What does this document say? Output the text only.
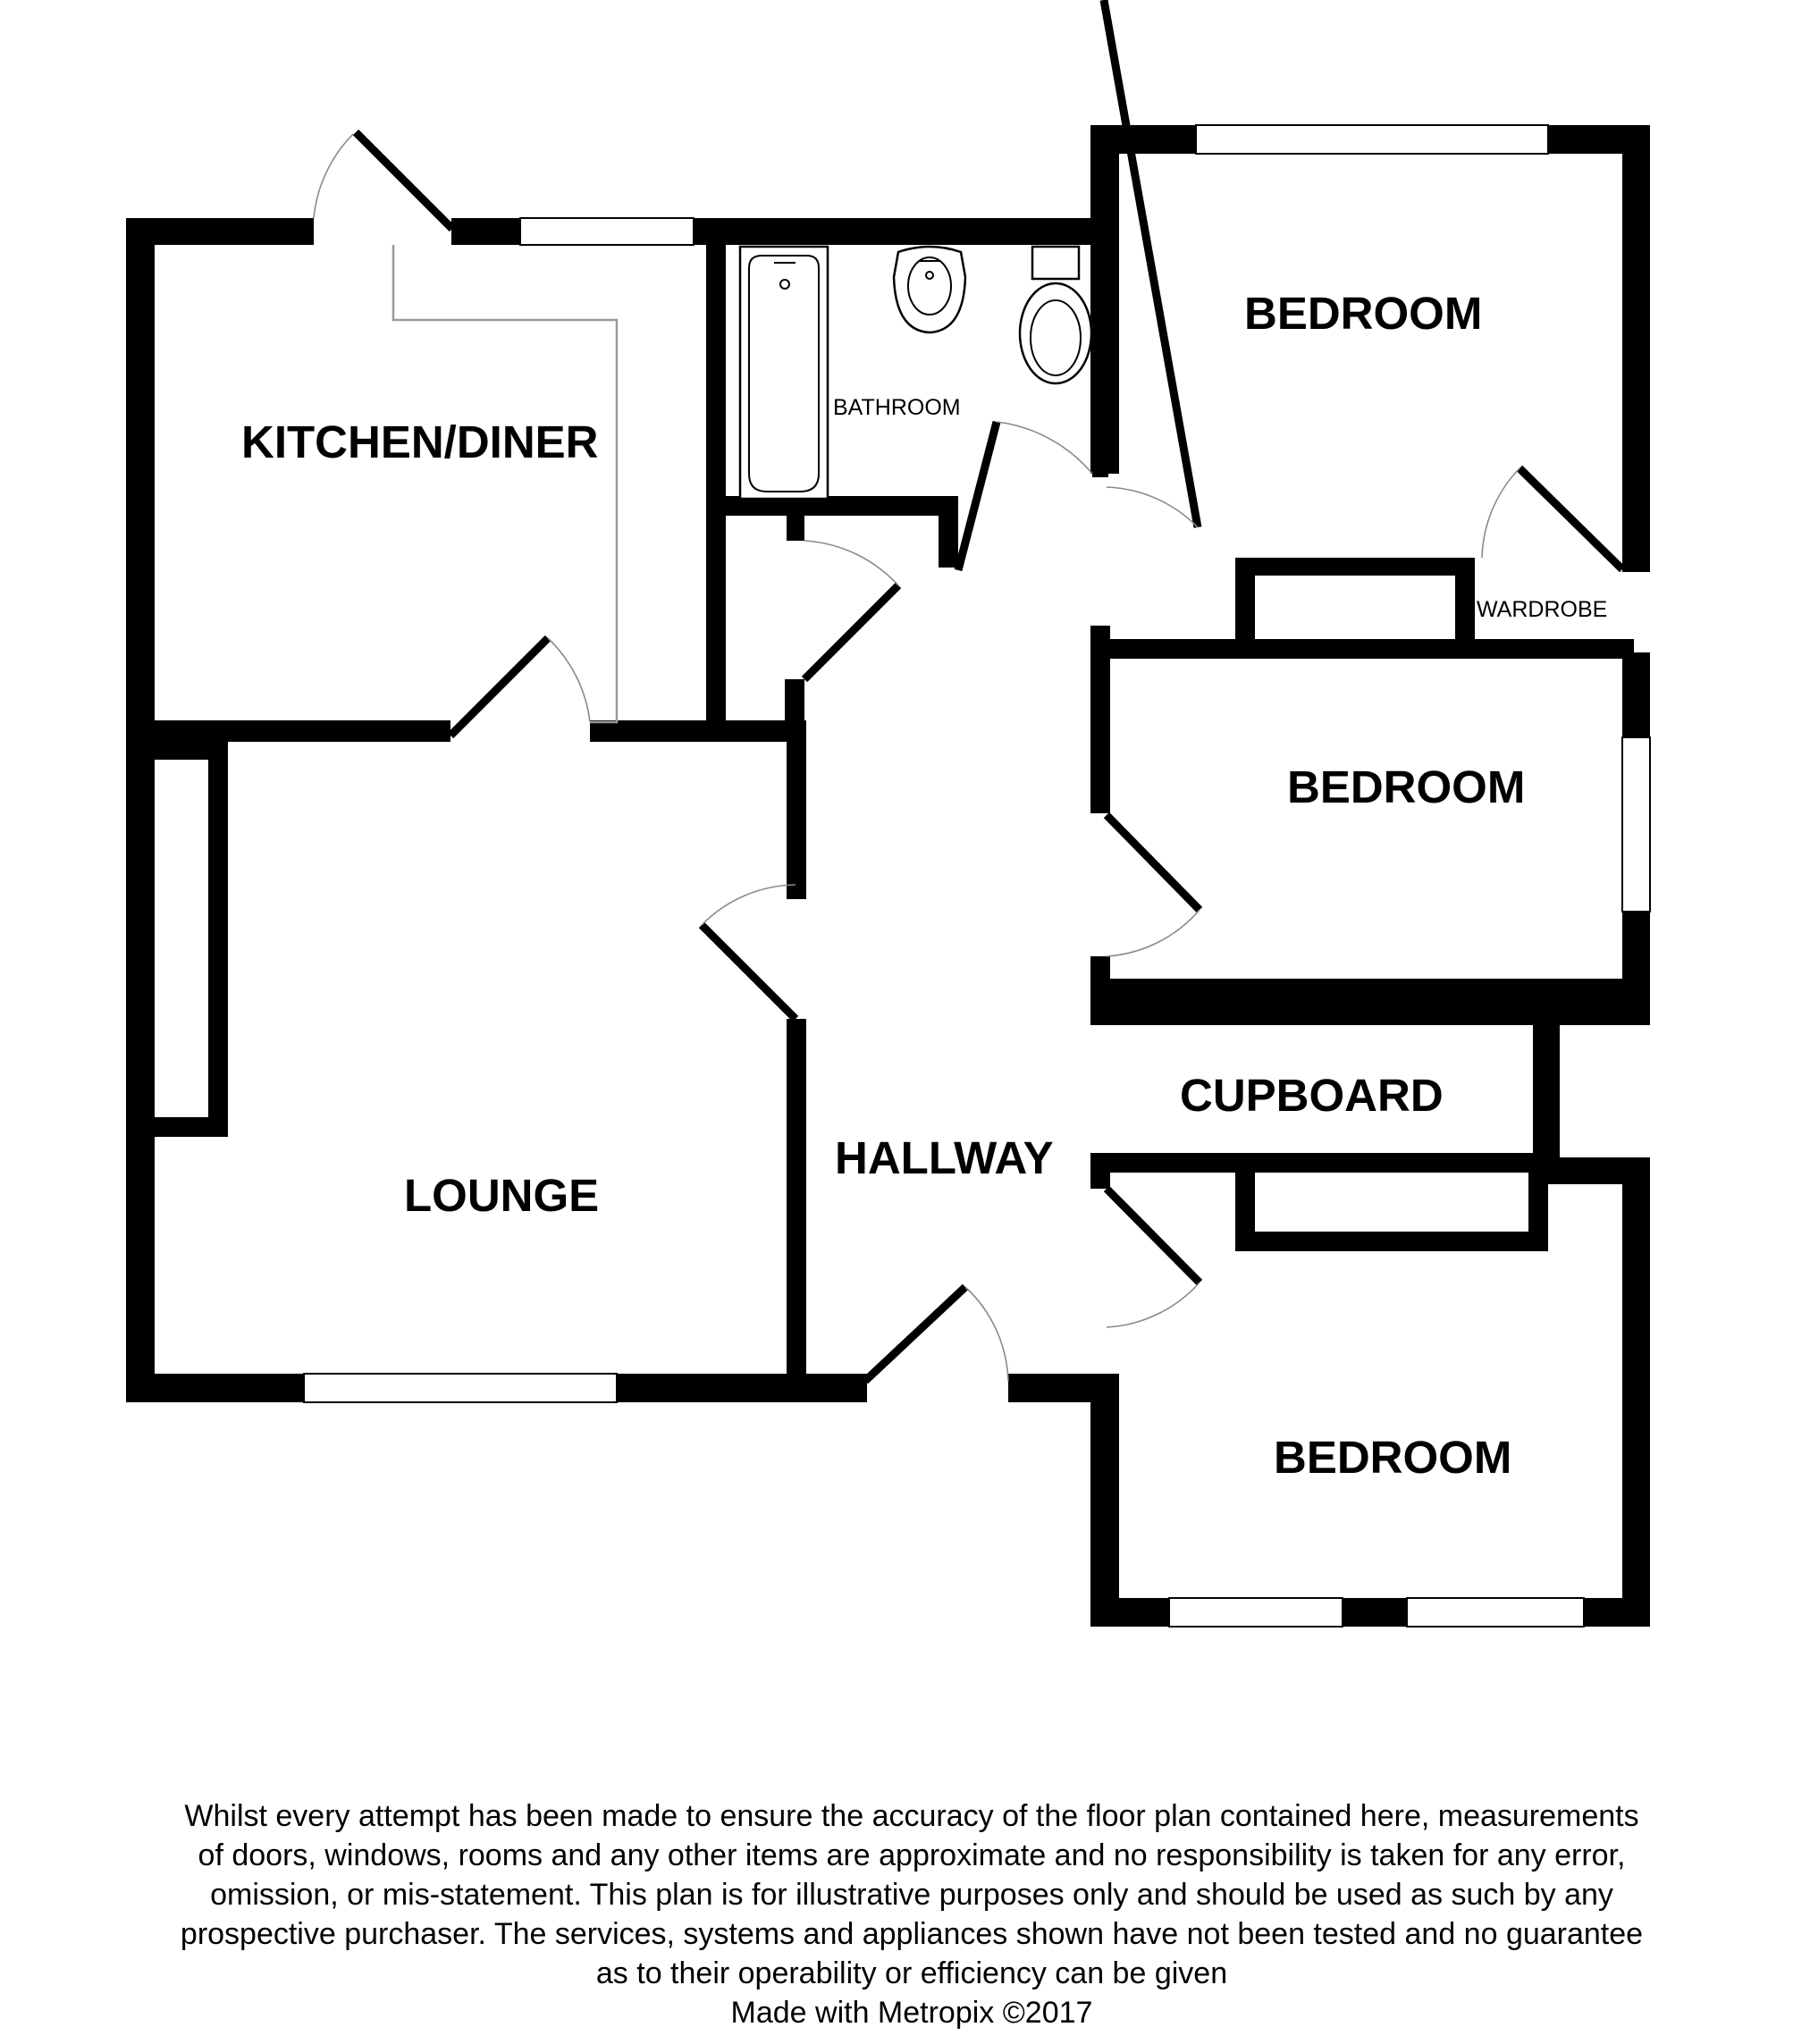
KITCHEN/DINER
BATHROOM
BEDROOM
WARDROBE
BEDROOM
CUPBOARD
HALLWAY
LOUNGE
BEDROOM
Whilst every attempt has been made to ensure the accuracy of the floor plan contained here, measurements
of doors, windows, rooms and any other items are approximate and no responsibility is taken for any error,
omission, or mis-statement. This plan is for illustrative purposes only and should be used as such by any
prospective purchaser. The services, systems and appliances shown have not been tested and no guarantee
as to their operability or efficiency can be given
Made with Metropix ©2017
